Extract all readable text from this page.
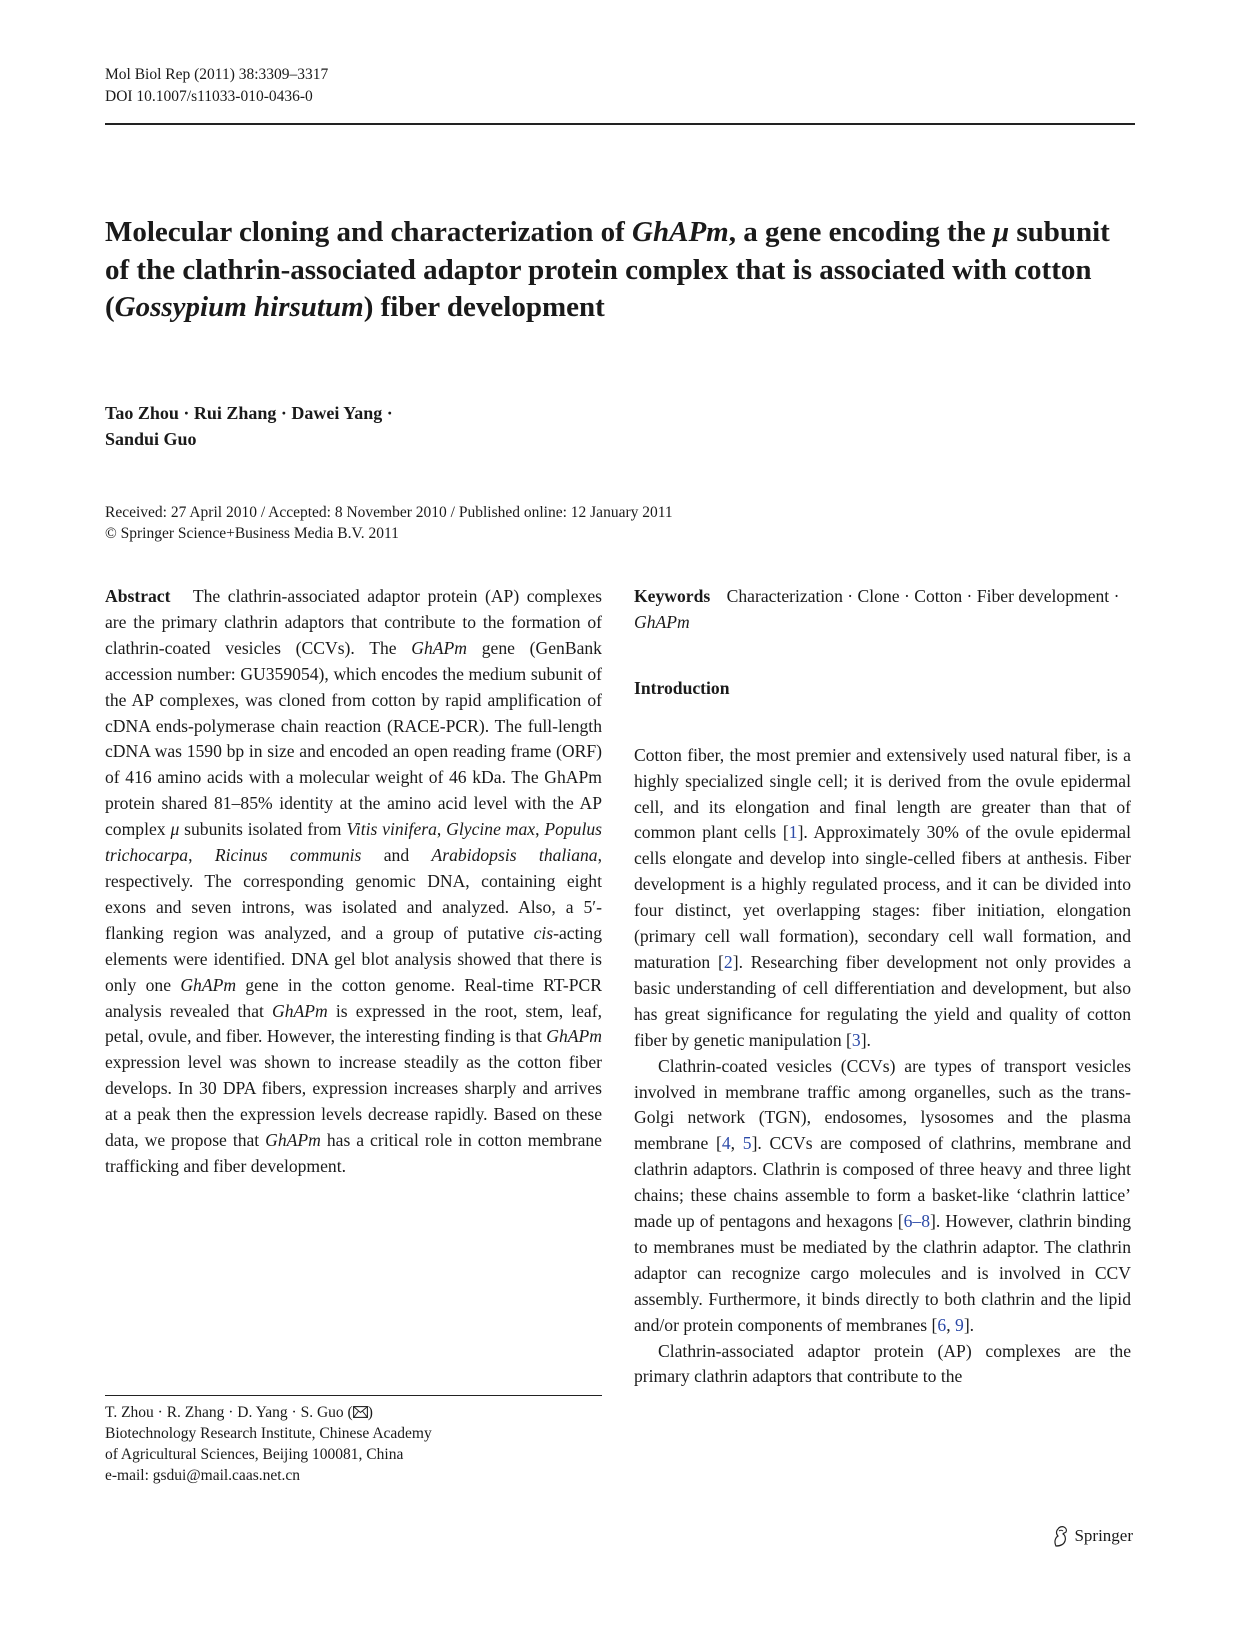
Mol Biol Rep (2011) 38:3309–3317
DOI 10.1007/s11033-010-0436-0
Molecular cloning and characterization of GhAPm, a gene encoding the μ subunit of the clathrin-associated adaptor protein complex that is associated with cotton (Gossypium hirsutum) fiber development
Tao Zhou · Rui Zhang · Dawei Yang ·
Sandui Guo
Received: 27 April 2010 / Accepted: 8 November 2010 / Published online: 12 January 2011
© Springer Science+Business Media B.V. 2011

Abstract The clathrin-associated adaptor protein (AP) complexes are the primary clathrin adaptors that contribute to the formation of clathrin-coated vesicles (CCVs). The GhAPm gene (GenBank accession number: GU359054), which encodes the medium subunit of the AP complexes, was cloned from cotton by rapid amplification of cDNA ends-polymerase chain reaction (RACE-PCR). The full-length cDNA was 1590 bp in size and encoded an open reading frame (ORF) of 416 amino acids with a molecular weight of 46 kDa. The GhAPm protein shared 81–85% identity at the amino acid level with the AP complex μ subunits isolated from Vitis vinifera, Glycine max, Populus trichocarpa, Ricinus communis and Arabidopsis thaliana, respectively. The corresponding genomic DNA, containing eight exons and seven introns, was isolated and analyzed. Also, a 5′-flanking region was analyzed, and a group of putative cis-acting elements were identified. DNA gel blot analysis showed that there is only one GhAPm gene in the cotton genome. Real-time RT-PCR analysis revealed that GhAPm is expressed in the root, stem, leaf, petal, ovule, and fiber. However, the interesting finding is that GhAPm expression level was shown to increase steadily as the cotton fiber develops. In 30 DPA fibers, expression increases sharply and arrives at a peak then the expression levels decrease rapidly. Based on these data, we propose that GhAPm has a critical role in cotton membrane trafficking and fiber development.

Keywords Characterization · Clone · Cotton · Fiber development · GhAPm

Introduction

Cotton fiber, the most premier and extensively used natural fiber, is a highly specialized single cell; it is derived from the ovule epidermal cell, and its elongation and final length are greater than that of common plant cells [1]. Approximately 30% of the ovule epidermal cells elongate and develop into single-celled fibers at anthesis. Fiber development is a highly regulated process, and it can be divided into four distinct, yet overlapping stages: fiber initiation, elongation (primary cell wall formation), secondary cell wall formation, and maturation [2]. Researching fiber development not only provides a basic understanding of cell differentiation and development, but also has great significance for regulating the yield and quality of cotton fiber by genetic manipulation [3].

Clathrin-coated vesicles (CCVs) are types of transport vesicles involved in membrane traffic among organelles, such as the trans-Golgi network (TGN), endosomes, lysosomes and the plasma membrane [4, 5]. CCVs are composed of clathrins, membrane and clathrin adaptors. Clathrin is composed of three heavy and three light chains; these chains assemble to form a basket-like ‘clathrin lattice’ made up of pentagons and hexagons [6–8]. However, clathrin binding to membranes must be mediated by the clathrin adaptor. The clathrin adaptor can recognize cargo molecules and is involved in CCV assembly. Furthermore, it binds directly to both clathrin and the lipid and/or protein components of membranes [6, 9].

Clathrin-associated adaptor protein (AP) complexes are the primary clathrin adaptors that contribute to the

T. Zhou · R. Zhang · D. Yang · S. Guo ( )
Biotechnology Research Institute, Chinese Academy
of Agricultural Sciences, Beijing 100081, China
e-mail: gsdui@mail.caas.net.cn
Springer
